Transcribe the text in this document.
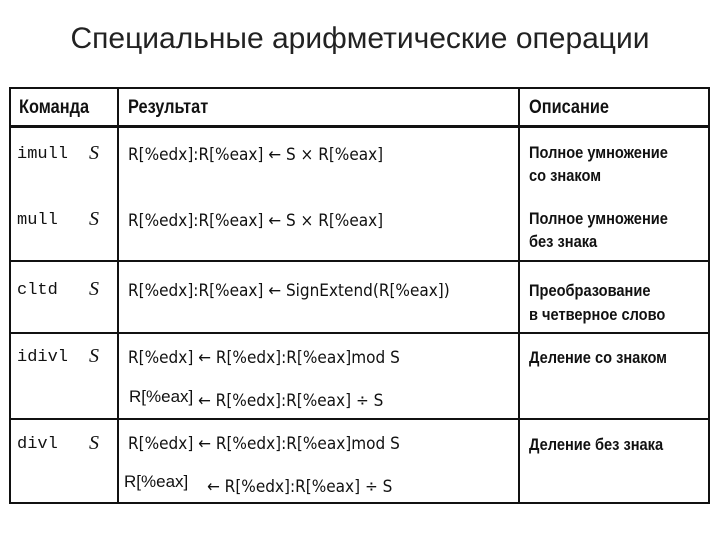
Специальные арифметические операции
Команда Результат	Описание
imull S R[%edx]:R[%eax] ← S × R[%eax]	Полное умножение
со знаком
mull S R[%edx]:R[%eax] ← S × R[%eax]	Полное умножение
без знака
cltd S R[%edx]:R[%eax] ← SignExtend(R[%eax])	Преобразование
в четверное слово
idivl S R[%edx] ← R[%edx]:R[%eax]mod S
R[%eax] ← R[%edx]:R[%eax] ÷ S
Деление со знаком
divl S R[%edx] ← R[%edx]:R[%eax]mod S
R[%eax] ← R[%edx]:R[%eax] ÷ S
Деление без знака
